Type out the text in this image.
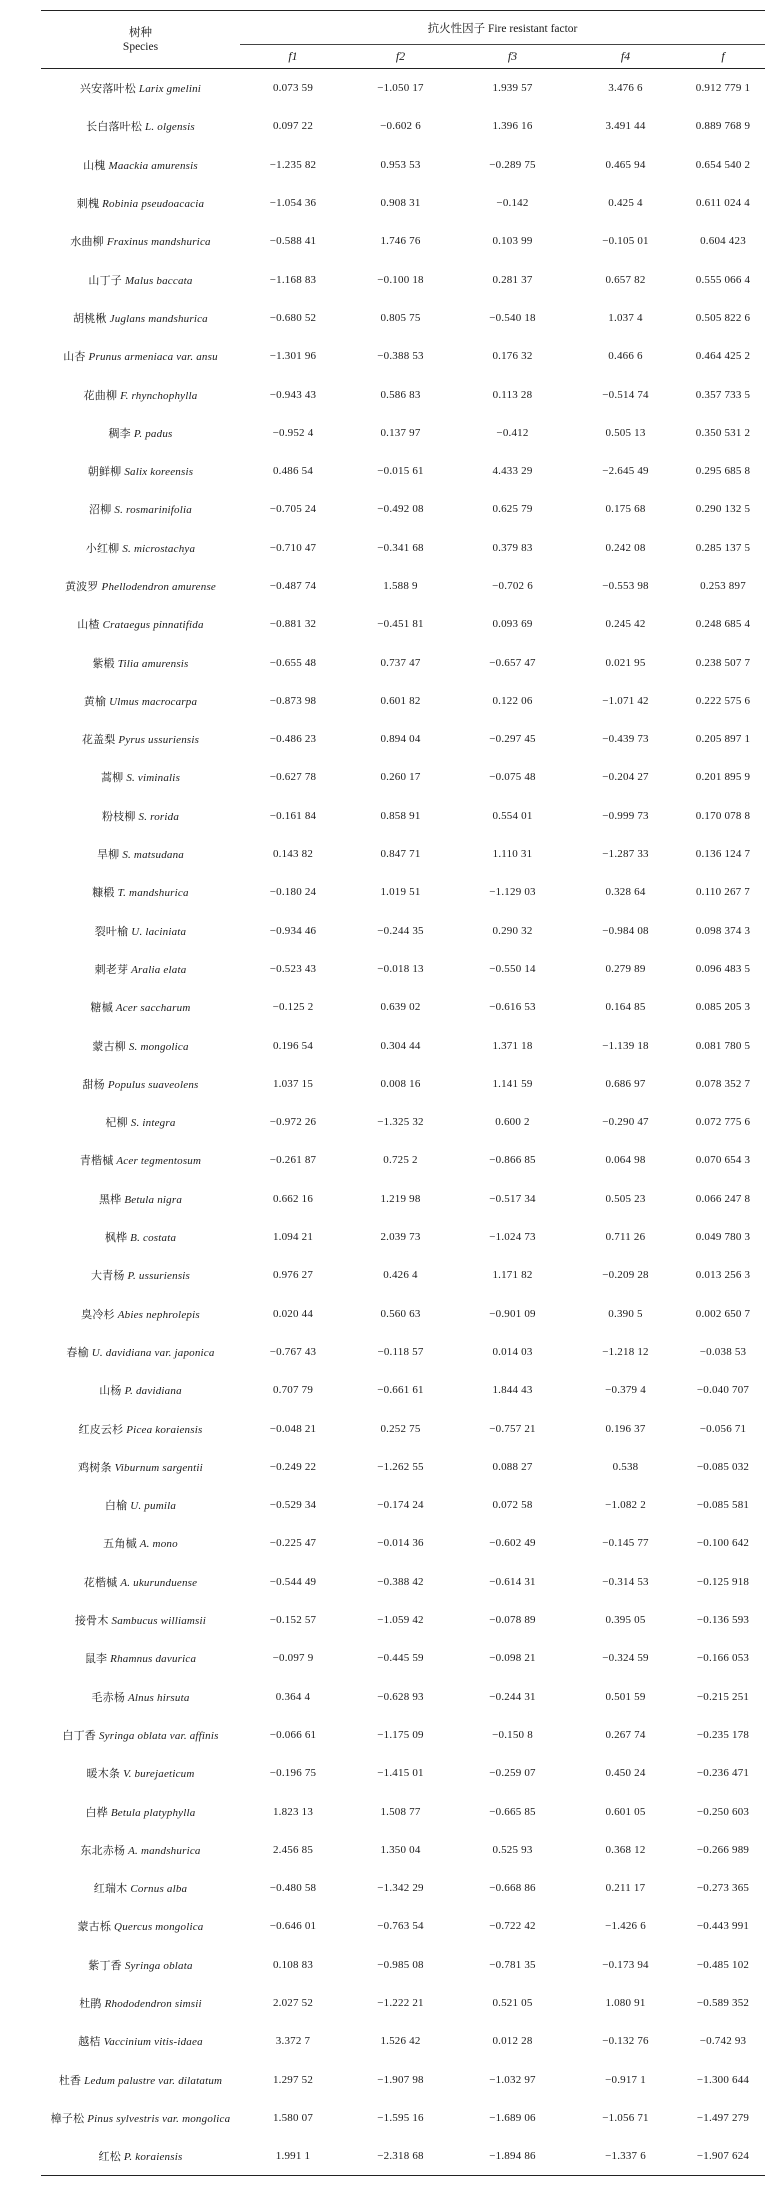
树种
Species	抗火性因子 Fire resistant factor				
	f1	f2	f3	f4	f
兴安落叶松 Larix gmelini	0.073 59	−1.050 17	1.939 57	3.476 6	0.912 779 1
长白落叶松 L. olgensis	0.097 22	−0.602 6	1.396 16	3.491 44	0.889 768 9
山槐 Maackia amurensis	−1.235 82	0.953 53	−0.289 75	0.465 94	0.654 540 2
刺槐 Robinia pseudoacacia	−1.054 36	0.908 31	−0.142	0.425 4	0.611 024 4
水曲柳 Fraxinus mandshurica	−0.588 41	1.746 76	0.103 99	−0.105 01	0.604 423
山丁子 Malus baccata	−1.168 83	−0.100 18	0.281 37	0.657 82	0.555 066 4
胡桃楸 Juglans mandshurica	−0.680 52	0.805 75	−0.540 18	1.037 4	0.505 822 6
山杏 Prunus armeniaca var. ansu	−1.301 96	−0.388 53	0.176 32	0.466 6	0.464 425 2
花曲柳 F. rhynchophylla	−0.943 43	0.586 83	0.113 28	−0.514 74	0.357 733 5
稠李 P. padus	−0.952 4	0.137 97	−0.412	0.505 13	0.350 531 2
朝鲜柳 Salix koreensis	0.486 54	−0.015 61	4.433 29	−2.645 49	0.295 685 8
沼柳 S. rosmarinifolia	−0.705 24	−0.492 08	0.625 79	0.175 68	0.290 132 5
小红柳 S. microstachya	−0.710 47	−0.341 68	0.379 83	0.242 08	0.285 137 5
黄波罗 Phellodendron amurense	−0.487 74	1.588 9	−0.702 6	−0.553 98	0.253 897
山楂 Crataegus pinnatifida	−0.881 32	−0.451 81	0.093 69	0.245 42	0.248 685 4
紫椴 Tilia amurensis	−0.655 48	0.737 47	−0.657 47	0.021 95	0.238 507 7
黄榆 Ulmus macrocarpa	−0.873 98	0.601 82	0.122 06	−1.071 42	0.222 575 6
花盖梨 Pyrus ussuriensis	−0.486 23	0.894 04	−0.297 45	−0.439 73	0.205 897 1
蒿柳 S. viminalis	−0.627 78	0.260 17	−0.075 48	−0.204 27	0.201 895 9
粉枝柳 S. rorida	−0.161 84	0.858 91	0.554 01	−0.999 73	0.170 078 8
旱柳 S. matsudana	0.143 82	0.847 71	1.110 31	−1.287 33	0.136 124 7
糠椴 T. mandshurica	−0.180 24	1.019 51	−1.129 03	0.328 64	0.110 267 7
裂叶榆 U. laciniata	−0.934 46	−0.244 35	0.290 32	−0.984 08	0.098 374 3
刺老芽 Aralia elata	−0.523 43	−0.018 13	−0.550 14	0.279 89	0.096 483 5
糖槭 Acer saccharum	−0.125 2	0.639 02	−0.616 53	0.164 85	0.085 205 3
蒙古柳 S. mongolica	0.196 54	0.304 44	1.371 18	−1.139 18	0.081 780 5
甜杨 Populus suaveolens	1.037 15	0.008 16	1.141 59	0.686 97	0.078 352 7
杞柳 S. integra	−0.972 26	−1.325 32	0.600 2	−0.290 47	0.072 775 6
青楷槭 Acer tegmentosum	−0.261 87	0.725 2	−0.866 85	0.064 98	0.070 654 3
黑桦 Betula nigra	0.662 16	1.219 98	−0.517 34	0.505 23	0.066 247 8
枫桦 B. costata	1.094 21	2.039 73	−1.024 73	0.711 26	0.049 780 3
大青杨 P. ussuriensis	0.976 27	0.426 4	1.171 82	−0.209 28	0.013 256 3
臭冷杉 Abies nephrolepis	0.020 44	0.560 63	−0.901 09	0.390 5	0.002 650 7
春榆 U. davidiana var. japonica	−0.767 43	−0.118 57	0.014 03	−1.218 12	−0.038 53
山杨 P. davidiana	0.707 79	−0.661 61	1.844 43	−0.379 4	−0.040 707
红皮云杉 Picea koraiensis	−0.048 21	0.252 75	−0.757 21	0.196 37	−0.056 71
鸡树条 Viburnum sargentii	−0.249 22	−1.262 55	0.088 27	0.538	−0.085 032
白榆 U. pumila	−0.529 34	−0.174 24	0.072 58	−1.082 2	−0.085 581
五角槭 A. mono	−0.225 47	−0.014 36	−0.602 49	−0.145 77	−0.100 642
花楷槭 A. ukurunduense	−0.544 49	−0.388 42	−0.614 31	−0.314 53	−0.125 918
接骨木 Sambucus williamsii	−0.152 57	−1.059 42	−0.078 89	0.395 05	−0.136 593
鼠李 Rhamnus davurica	−0.097 9	−0.445 59	−0.098 21	−0.324 59	−0.166 053
毛赤杨 Alnus hirsuta	0.364 4	−0.628 93	−0.244 31	0.501 59	−0.215 251
白丁香 Syringa oblata var. affinis	−0.066 61	−1.175 09	−0.150 8	0.267 74	−0.235 178
暖木条 V. burejaeticum	−0.196 75	−1.415 01	−0.259 07	0.450 24	−0.236 471
白桦 Betula platyphylla	1.823 13	1.508 77	−0.665 85	0.601 05	−0.250 603
东北赤杨 A. mandshurica	2.456 85	1.350 04	0.525 93	0.368 12	−0.266 989
红瑞木 Cornus alba	−0.480 58	−1.342 29	−0.668 86	0.211 17	−0.273 365
蒙古栎 Quercus mongolica	−0.646 01	−0.763 54	−0.722 42	−1.426 6	−0.443 991
紫丁香 Syringa oblata	0.108 83	−0.985 08	−0.781 35	−0.173 94	−0.485 102
杜鹃 Rhododendron simsii	2.027 52	−1.222 21	0.521 05	1.080 91	−0.589 352
越桔 Vaccinium vitis-idaea	3.372 7	1.526 42	0.012 28	−0.132 76	−0.742 93
杜香 Ledum palustre var. dilatatum	1.297 52	−1.907 98	−1.032 97	−0.917 1	−1.300 644
樟子松 Pinus sylvestris var. mongolica	1.580 07	−1.595 16	−1.689 06	−1.056 71	−1.497 279
红松 P. koraiensis	1.991 1	−2.318 68	−1.894 86	−1.337 6	−1.907 624
